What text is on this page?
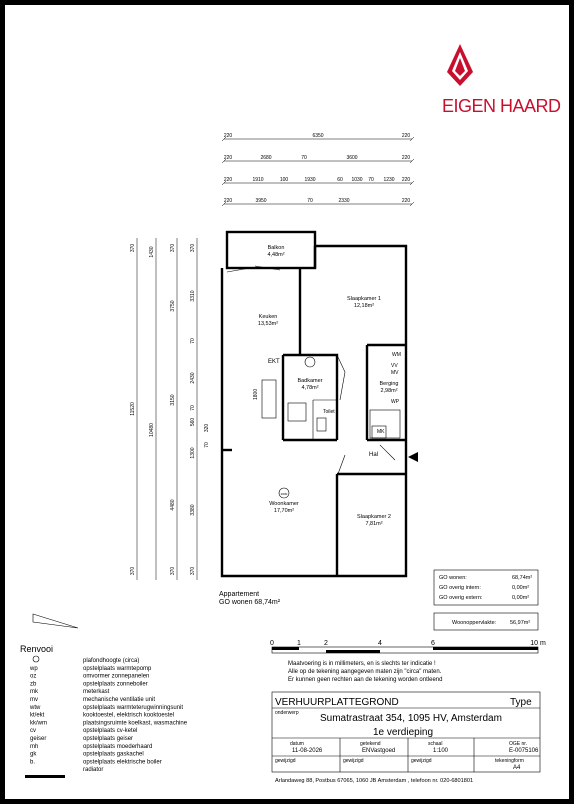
EIGEN HAARD
220	6350	220
220	2680	70	3600	220
220	1910	100	1930	60 1030 70 1230 220
220	3950	70	2330	220
370
11520
370
1430
10480
370
3750
3150
4480
370
370
3310
70
2430
70
560
1300
3380
370
320
70
2600
Balkon
4,48m²
Keuken
13,53m²
Slaapkamer 1
12,18m²
Badkamer
4,78m²
Berging
2,98m²
Woonkamer
17,70m²
Slaapkamer 2
7,81m²
EKT
Toilet
Hal
WM
VV
MV
WP
MK
1800
Appartement
GO wonen 68,74m²
GO wonen:	68,74m²
GO overig intern:	0,00m²
GO overig extern:	0,00m²
Woonoppervlakte:	56,97m²
0	1	2	4	6	10 m
Maatvoering is in millimeters, en is slechts ter indicatie !
Alle op de tekening aangegeven maten zijn "circa" maten.
Er kunnen geen rechten aan de tekening worden ontleend
Renvooi
plafondhoogte (circa)
wp	opstelplaats warmtepomp
oz	omvormer zonnepanelen
zb	opstelplaats zonneboiler
mk	meterkast
mv	mechanische ventilatie unit
wtw	opstelplaats warmteterugwinningsunit
kt/ekt	kooktoestel, elektrisch kooktoestel
kk/wm	plaatsingsruimte koelkast, wasmachine
cv	opstelplaats cv-ketel
geiser	opstelplaats geiser
mh	opstelplaats moederhaard
gk	opstelplaats gaskachel
b.	opstelplaats elektrische boiler
radiator
VERHUURPLATTEGROND	Type
onderwerp Sumatrastraat 354, 1095 HV, Amsterdam
1e verdieping
datum
11-08-2026
getekend
ENVastgoed
schaal
1:100
OGE nr.
E-0075106
gewijzigd	gewijzigd	gewijzigd	tekeningform
A4
Arlandaweg 88, Postbus 67065, 1060 JB Amsterdam , telefoon nr. 020-6801801
